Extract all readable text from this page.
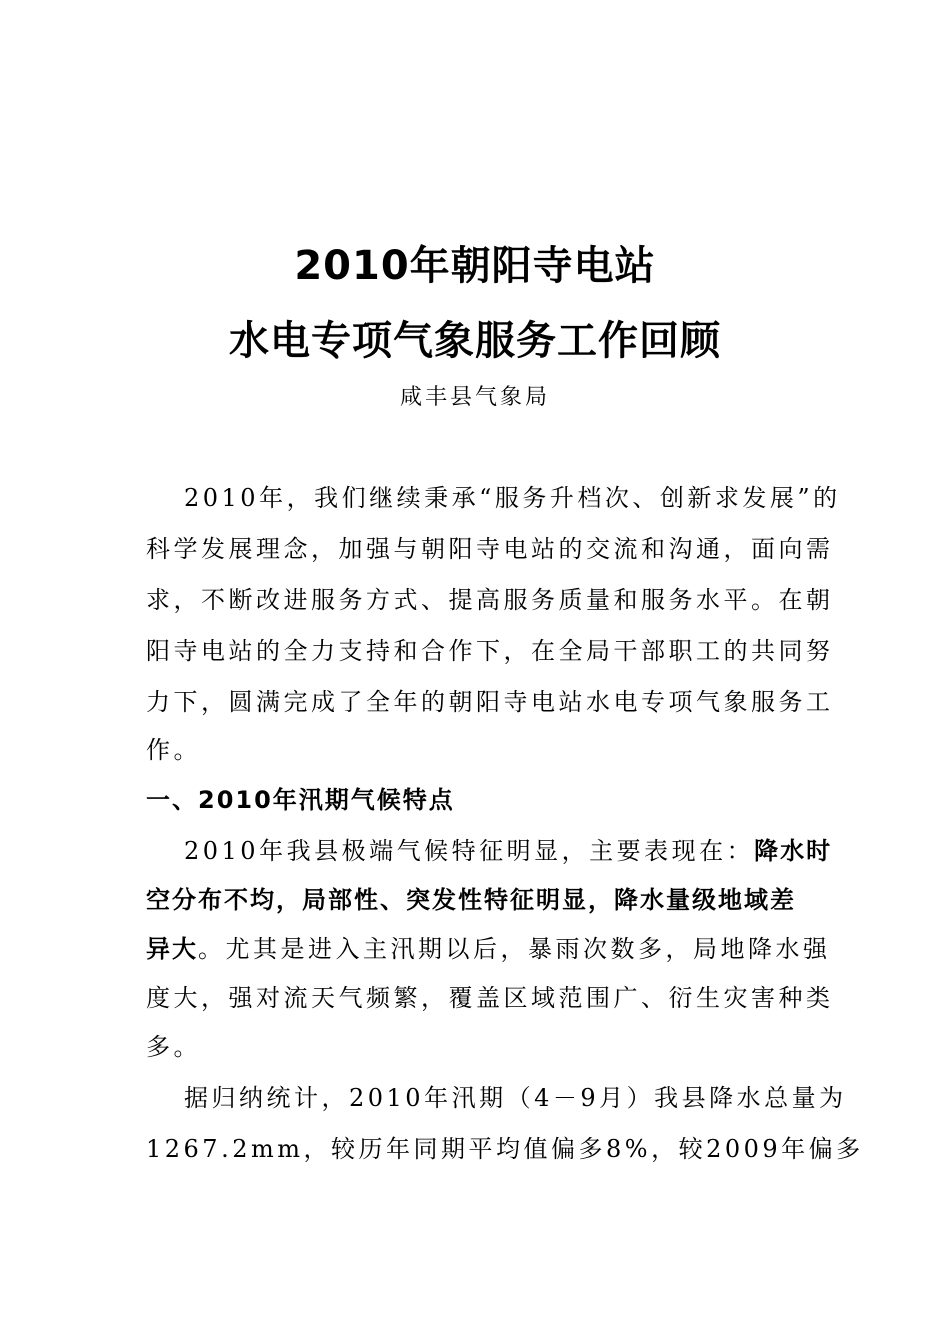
2010年朝阳寺电站
水电专项气象服务工作回顾
咸丰县气象局
2010年，我们继续秉承“服务升档次、创新求发展”的
科学发展理念，加强与朝阳寺电站的交流和沟通，面向需
求，不断改进服务方式、提高服务质量和服务水平。在朝
阳寺电站的全力支持和合作下，在全局干部职工的共同努
力下，圆满完成了全年的朝阳寺电站水电专项气象服务工
作。
一、2010年汛期气候特点
2010年我县极端气候特征明显，主要表现在：降水时
空分布不均，局部性、突发性特征明显，降水量级地域差
异大。尤其是进入主汛期以后，暴雨次数多，局地降水强
度大，强对流天气频繁，覆盖区域范围广、衍生灾害种类
多。
据归纳统计，2010年汛期（4－9月）我县降水总量为
1267.2mm，较历年同期平均值偏多8%，较2009年偏多
